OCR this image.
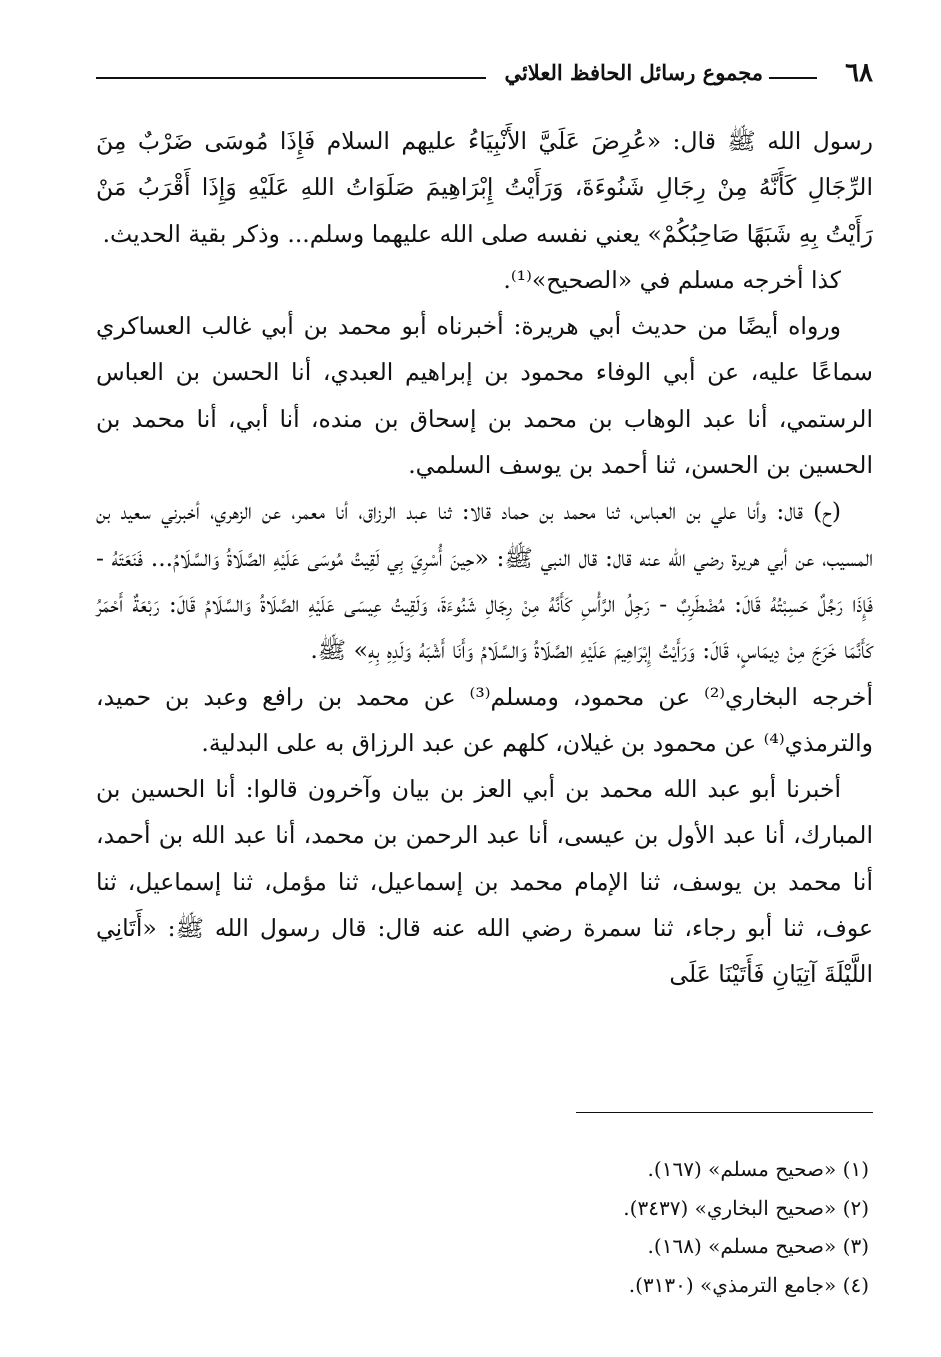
٦٨
مجموع رسائل الحافظ العلائي

رسول الله ﷺ قال: «عُرِضَ عَلَيَّ الأَنْبِيَاءُ عليهم السلام فَإِذَا مُوسَى ضَرْبٌ مِنَ الرِّجَالِ كَأَنَّهُ مِنْ رِجَالِ شَنُوءَةَ، وَرَأَيْتُ إِبْرَاهِيمَ صَلَوَاتُ اللهِ عَلَيْهِ وَإِذَا أَقْرَبُ مَنْ رَأَيْتُ بِهِ شَبَهًا صَاحِبُكُمْ» يعني نفسه صلى الله عليهما وسلم... وذكر بقية الحديث.

كذا أخرجه مسلم في «الصحيح»⁽¹⁾.

ورواه أيضًا من حديث أبي هريرة: أخبرناه أبو محمد بن أبي غالب العساكري سماعًا عليه، عن أبي الوفاء محمود بن إبراهيم العبدي، أنا الحسن بن العباس الرستمي، أنا عبد الوهاب بن محمد بن إسحاق بن منده، أنا أبي، أنا محمد بن الحسين بن الحسن، ثنا أحمد بن يوسف السلمي.

(ح) قال: وأنا علي بن العباس، ثنا محمد بن حماد قالا: ثنا عبد الرزاق، أنا معمر، عن الزهري، أخبرني سعيد بن المسيب، عن أبي هريرة رضي الله عنه قال: قال النبي ﷺ: «حِينَ أُسْرِيَ بِي لَقِيتُ مُوسَى عَلَيْهِ الصَّلَاةُ وَالسَّلَامُ... فَنَعَتَهُ - فَإِذَا رَجُلٌ حَسِبْتُهُ قَالَ: مُضْطَرِبٌ - رَجِلُ الرَّأْسِ كَأَنَّهُ مِنْ رِجَالِ شَنُوءَةَ، وَلَقِيتُ عِيسَى عَلَيْهِ الصَّلَاةُ وَالسَّلَامُ قَالَ: رَبْعَةٌ أَحْمَرُ كَأَنَّمَا خَرَجَ مِنْ دِيمَاسٍ، قَالَ: وَرَأَيْتُ إِبْرَاهِيمَ عَلَيْهِ الصَّلَاةُ وَالسَّلَامُ وَأَنَا أَشْبَهُ وَلَدِهِ بِهِ» ﷺ.

أخرجه البخاري⁽²⁾ عن محمود، ومسلم⁽³⁾ عن محمد بن رافع وعبد بن حميد، والترمذي⁽⁴⁾ عن محمود بن غيلان، كلهم عن عبد الرزاق به على البدلية.

أخبرنا أبو عبد الله محمد بن أبي العز بن بيان وآخرون قالوا: أنا الحسين بن المبارك، أنا عبد الأول بن عيسى، أنا عبد الرحمن بن محمد، أنا عبد الله بن أحمد، أنا محمد بن يوسف، ثنا الإمام محمد بن إسماعيل، ثنا مؤمل، ثنا إسماعيل، ثنا عوف، ثنا أبو رجاء، ثنا سمرة رضي الله عنه قال: قال رسول الله ﷺ: «أَتَانِي اللَّيْلَةَ آتِيَانِ فَأَتَيْنَا عَلَى

(١) «صحيح مسلم» (١٦٧).

(٢) «صحيح البخاري» (٣٤٣٧).

(٣) «صحيح مسلم» (١٦٨).

(٤) «جامع الترمذي» (٣١٣٠).
